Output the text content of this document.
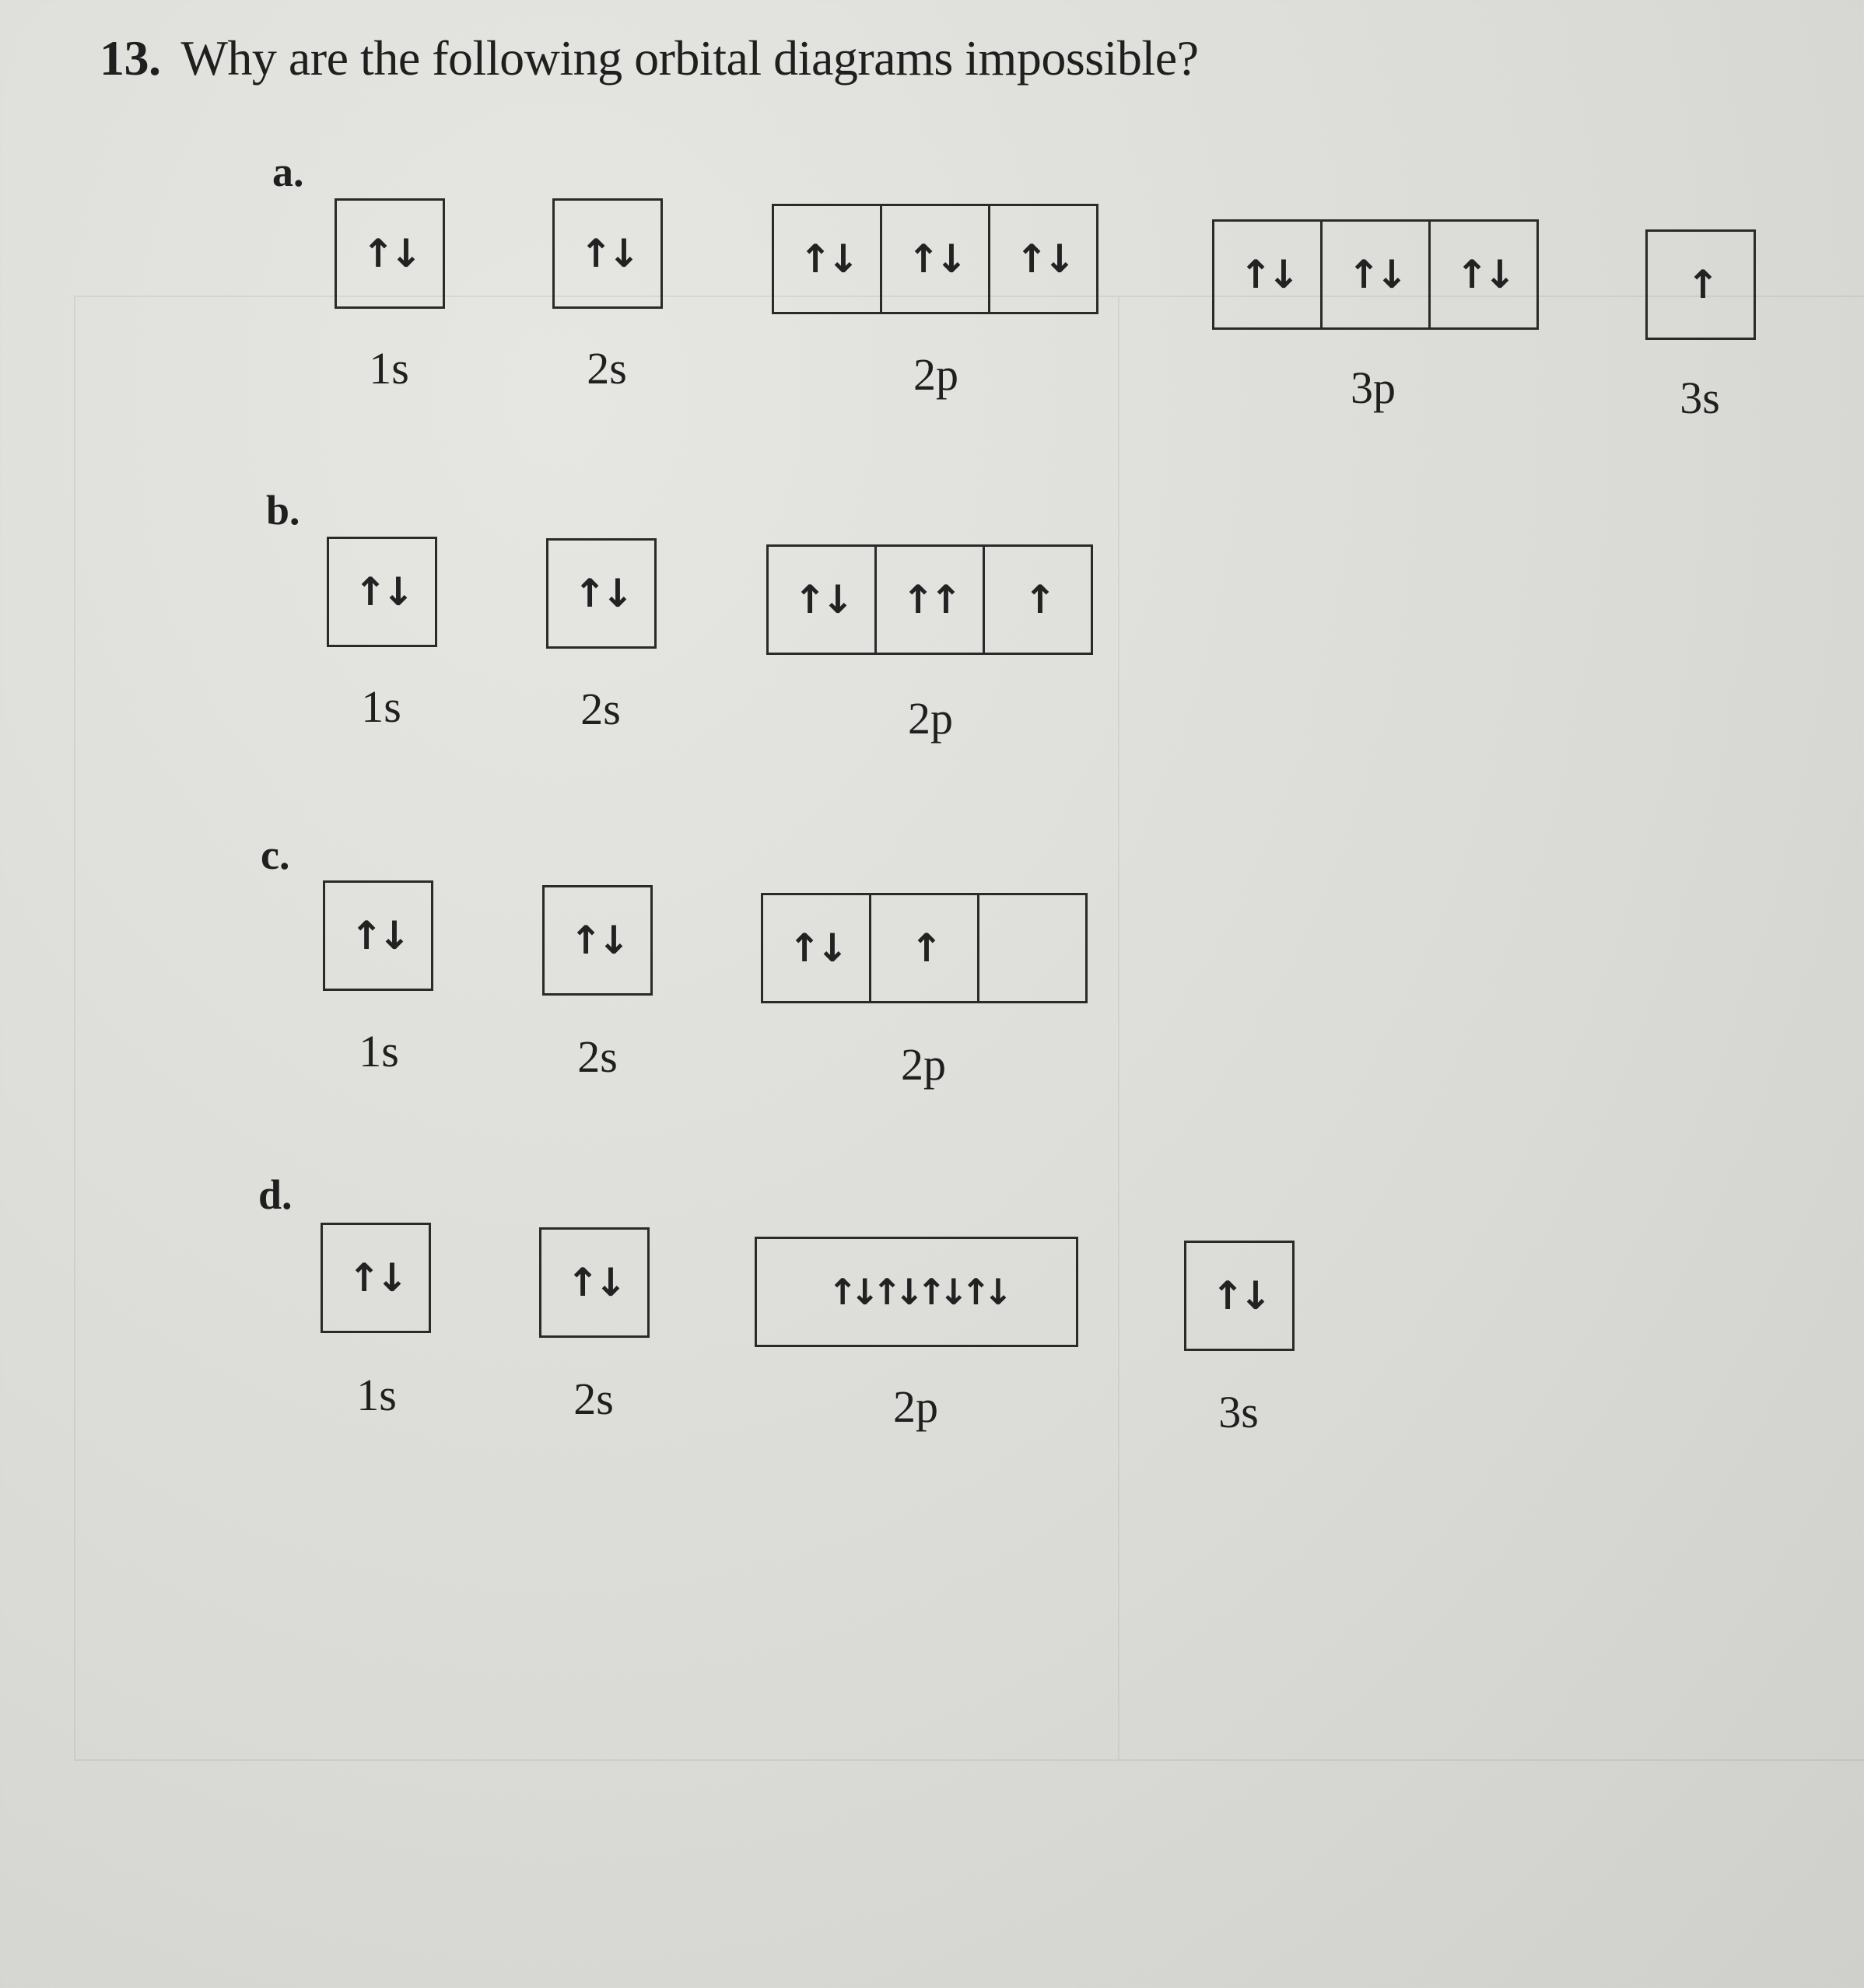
13. Why are the following orbital diagrams impossible?
a.
↑↓
1s
↑↓
2s
↑↓	↑↓	↑↓
2p
↑↓	↑↓	↑↓
3p
↑
3s
b.
↑↓
1s
↑↓
2s
↑↓	↑↑	↑
2p
c.
↑↓
1s
↑↓
2s
↑↓	↑
2p
d.
↑↓
1s
↑↓
2s
↑↓↑↓↑↓↑↓
2p
↑↓
3s
